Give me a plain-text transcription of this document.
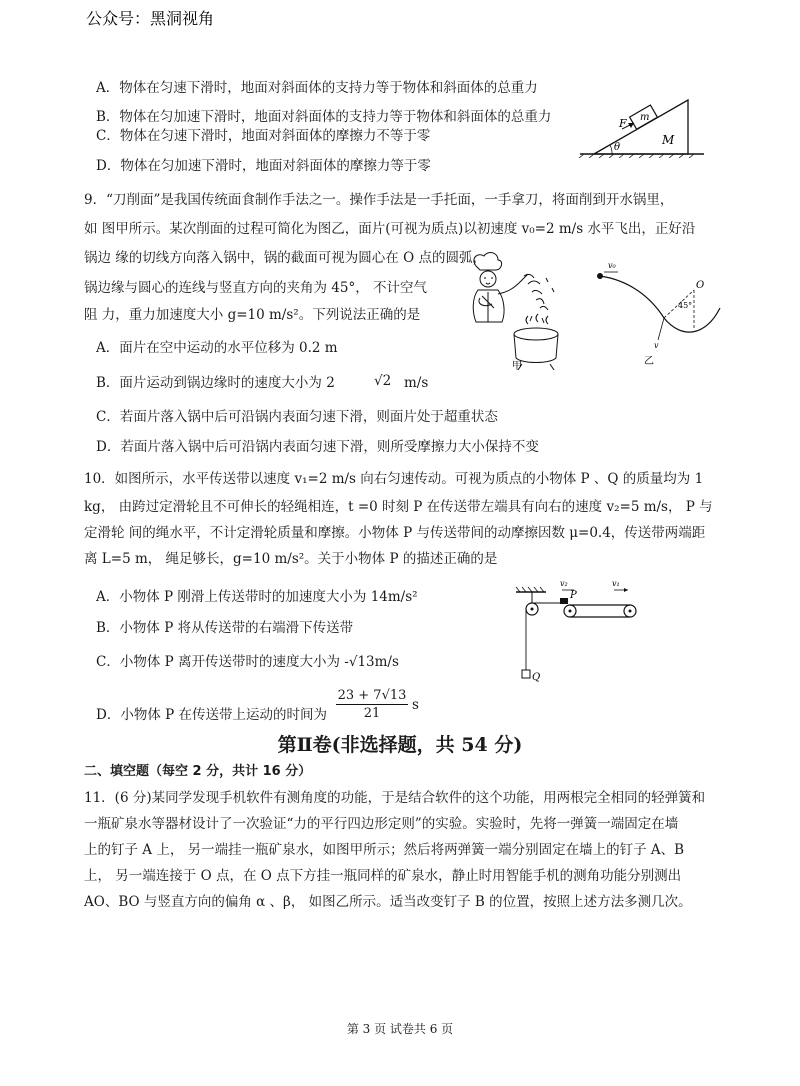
公众号：黑洞视角
A．物体在匀速下滑时，地面对斜面体的支持力等于物体和斜面体的总重力
B．物体在匀加速下滑时，地面对斜面体的支持力等于物体和斜面体的总重力
C．物体在匀速下滑时，地面对斜面体的摩擦力不等于零
D．物体在匀加速下滑时，地面对斜面体的摩擦力等于零
F m
M
θ
9．“刀削面”是我国传统面食制作手法之一。操作手法是一手托面，一手拿刀，将面削到开水锅里，
如 图甲所示。某次削面的过程可简化为图乙，面片(可视为质点)以初速度 v₀=2 m/s 水平飞出，正好沿
锅边 缘的切线方向落入锅中，锅的截面可视为圆心在 O 点的圆弧，
锅边缘与圆心的连线与竖直方向的夹角为 45°， 不计空气
阻 力，重力加速度大小 g=10 m/s²。下列说法正确的是
A．面片在空中运动的水平位移为 0.2 m
B．面片运动到锅边缘时的速度大小为 2	√2 m/s
C．若面片落入锅中后可沿锅内表面匀速下滑，则面片处于超重状态
D．若面片落入锅中后可沿锅内表面匀速下滑，则所受摩擦力大小保持不变
甲
v₀
O
45°
v
乙
10．如图所示，水平传送带以速度 v₁=2 m/s 向右匀速传动。可视为质点的小物体 P 、Q 的质量均为 1
kg， 由跨过定滑轮且不可伸长的轻绳相连，t =0 时刻 P 在传送带左端具有向右的速度 v₂=5 m/s， P 与
定滑轮 间的绳水平，不计定滑轮质量和摩擦。小物体 P 与传送带间的动摩擦因数 μ=0.4，传送带两端距
离 L=5 m， 绳足够长，g=10 m/s²。关于小物体 P 的描述正确的是
A．小物体 P 刚滑上传送带时的加速度大小为 14m/s²
B．小物体 P 将从传送带的右端滑下传送带
C．小物体 P 离开传送带时的速度大小为 -√13m/s
D．小物体 P 在传送带上运动的时间为
23 + 7√13
21
s
Q
P
v₂	v₁
第Ⅱ卷(非选择题，共 54 分)
二、填空题（每空 2 分，共计 16 分）
11．(6 分)某同学发现手机软件有测角度的功能，于是结合软件的这个功能，用两根完全相同的轻弹簧和
一瓶矿泉水等器材设计了一次验证“力的平行四边形定则”的实验。实验时，先将一弹簧一端固定在墙
上的钉子 A 上， 另一端挂一瓶矿泉水，如图甲所示；然后将两弹簧一端分别固定在墙上的钉子 A、B
上， 另一端连接于 O 点，在 O 点下方挂一瓶同样的矿泉水，静止时用智能手机的测角功能分别测出
AO、BO 与竖直方向的偏角 α 、β， 如图乙所示。适当改变钉子 B 的位置，按照上述方法多测几次。
第 3 页 试卷共 6 页
